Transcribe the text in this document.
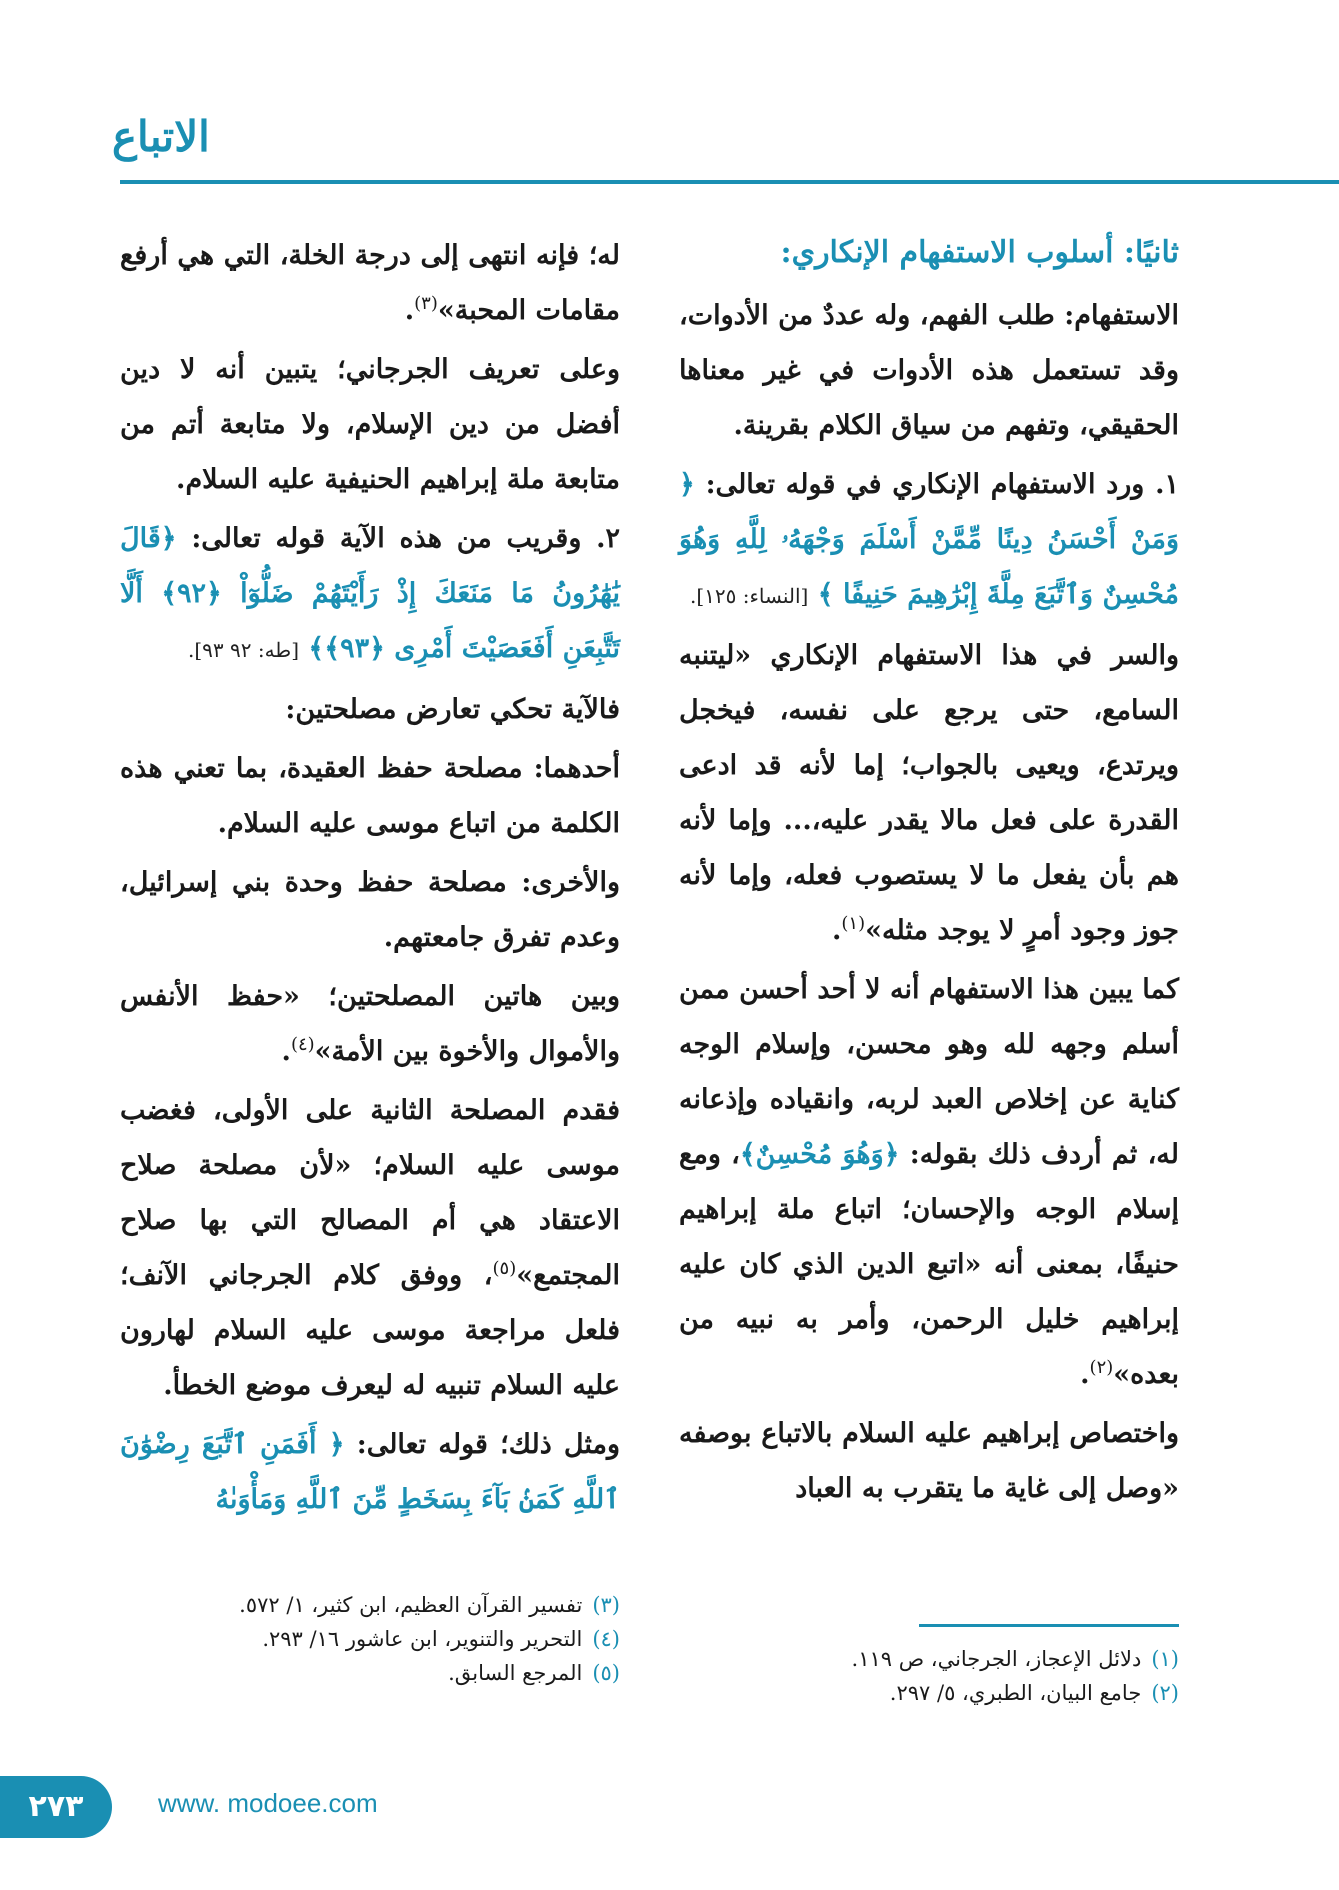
الاتباع
ثانيًا: أسلوب الاستفهام الإنكاري:

الاستفهام: طلب الفهم، وله عددٌ من الأدوات، وقد تستعمل هذه الأدوات في غير معناها الحقيقي، وتفهم من سياق الكلام بقرينة.

١. ورد الاستفهام الإنكاري في قوله تعالى: ﴿ وَمَنْ أَحْسَنُ دِينًا مِّمَّنْ أَسْلَمَ وَجْهَهُۥ لِلَّهِ وَهُوَ مُحْسِنٌ وَٱتَّبَعَ مِلَّةَ إِبْرَٰهِيمَ حَنِيفًا ﴾ [النساء: ١٢٥].

والسر في هذا الاستفهام الإنكاري «ليتنبه السامع، حتى يرجع على نفسه، فيخجل ويرتدع، ويعيى بالجواب؛ إما لأنه قد ادعى القدرة على فعل مالا يقدر عليه،... وإما لأنه هم بأن يفعل ما لا يستصوب فعله، وإما لأنه جوز وجود أمرٍ لا يوجد مثله»$^{(١)}$.

كما يبين هذا الاستفهام أنه لا أحد أحسن ممن أسلم وجهه لله وهو محسن، وإسلام الوجه كناية عن إخلاص العبد لربه، وانقياده وإذعانه له، ثم أردف ذلك بقوله: ﴿وَهُوَ مُحْسِنٌ﴾، ومع إسلام الوجه والإحسان؛ اتباع ملة إبراهيم حنيفًا، بمعنى أنه «اتبع الدين الذي كان عليه إبراهيم خليل الرحمن، وأمر به نبيه من بعده»$^{(٢)}$.

واختصاص إبراهيم عليه السلام بالاتباع بوصفه «وصل إلى غاية ما يتقرب به العباد

له؛ فإنه انتهى إلى درجة الخلة، التي هي أرفع مقامات المحبة»$^{(٣)}$.

وعلى تعريف الجرجاني؛ يتبين أنه لا دين أفضل من دين الإسلام، ولا متابعة أتم من متابعة ملة إبراهيم الحنيفية عليه السلام.

٢. وقريب من هذه الآية قوله تعالى: ﴿قَالَ يَٰهَٰرُونُ مَا مَنَعَكَ إِذْ رَأَيْتَهُمْ ضَلُّوٓاْ ﴿٩٢﴾ أَلَّا تَتَّبِعَنِ أَفَعَصَيْتَ أَمْرِى ﴿٩٣﴾﴾ [طه: ٩٢ ٩٣].

فالآية تحكي تعارض مصلحتين:

أحدهما: مصلحة حفظ العقيدة، بما تعني هذه الكلمة من اتباع موسى عليه السلام.

والأخرى: مصلحة حفظ وحدة بني إسرائيل، وعدم تفرق جامعتهم.

وبين هاتين المصلحتين؛ «حفظ الأنفس والأموال والأخوة بين الأمة»$^{(٤)}$.

فقدم المصلحة الثانية على الأولى، فغضب موسى عليه السلام؛ «لأن مصلحة صلاح الاعتقاد هي أم المصالح التي بها صلاح المجتمع»$^{(٥)}$، ووفق كلام الجرجاني الآنف؛ فلعل مراجعة موسى عليه السلام لهارون عليه السلام تنبيه له ليعرف موضع الخطأ.

ومثل ذلك؛ قوله تعالى: ﴿ أَفَمَنِ ٱتَّبَعَ رِضْوَٰنَ ٱللَّهِ كَمَنۢ بَآءَ بِسَخَطٍ مِّنَ ٱللَّهِ وَمَأْوَىٰهُ

(١)دلائل الإعجاز، الجرجاني، ص ١١٩.
(٢)جامع البيان، الطبري، ٥/ ٢٩٧.
(٣)تفسير القرآن العظيم، ابن كثير، ١/ ٥٧٢.
(٤)التحرير والتنوير، ابن عاشور ١٦/ ٢٩٣.
(٥)المرجع السابق.
٢٧٣	www. modoee.com
